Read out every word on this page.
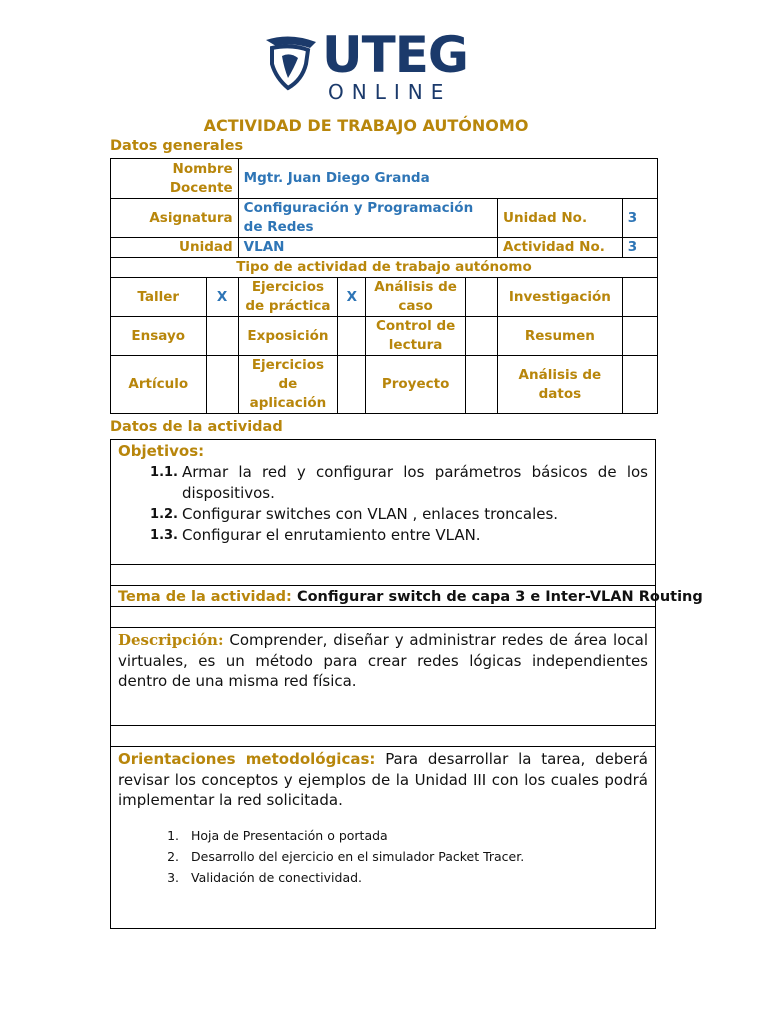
UTEG
ONLINE
ACTIVIDAD DE TRABAJO AUTÓNOMO
Datos generales
Nombre Docente		Mgtr. Juan Diego Granda					
Asignatura		Configuración y Programación de Redes				Unidad No.	3
Unidad		VLAN				Actividad No.	3
Tipo de actividad de trabajo autónomo							
Taller	X	Ejercicios de práctica	X	Análisis de caso		Investigación	
Ensayo		Exposición		Control de lectura		Resumen	
Artículo		Ejercicios de aplicación		Proyecto		Análisis de datos	
Datos de la actividad
Objetivos:
1.1. Armar la red y configurar los parámetros básicos de los dispositivos.
1.2. Configurar switches con VLAN , enlaces troncales.
1.3. Configurar el enrutamiento entre VLAN.
Tema de la actividad: Configurar switch de capa 3 e Inter-VLAN Routing
Descripción: Comprender, diseñar y administrar redes de área local virtuales, es un método para crear redes lógicas independientes dentro de una misma red física.
Orientaciones metodológicas: Para desarrollar la tarea, deberá revisar los conceptos y ejemplos de la Unidad III con los cuales podrá implementar la red solicitada.
1. Hoja de Presentación o portada
2. Desarrollo del ejercicio en el simulador Packet Tracer.
3. Validación de conectividad.
